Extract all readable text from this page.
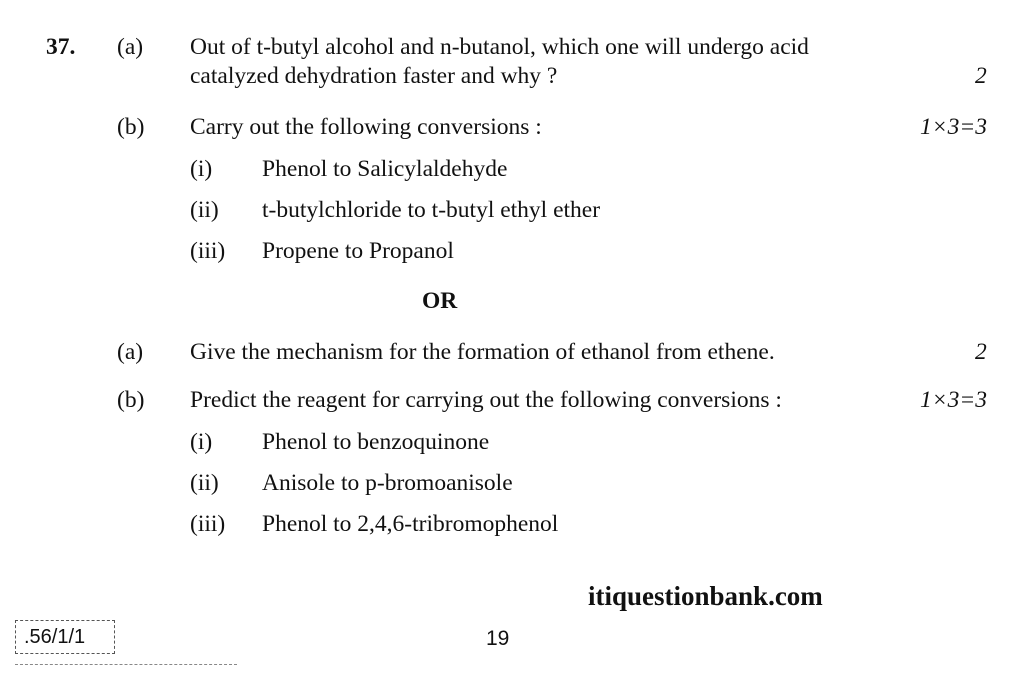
37. (a) Out of t-butyl alcohol and n-butanol, which one will undergo acid
catalyzed dehydration faster and why ?	2
(b) Carry out the following conversions :	1×3=3
(i) Phenol to Salicylaldehyde
(ii) t-butylchloride to t-butyl ethyl ether
(iii) Propene to Propanol
OR
(a) Give the mechanism for the formation of ethanol from ethene.	2
(b) Predict the reagent for carrying out the following conversions :	1×3=3
(i) Phenol to benzoquinone
(ii) Anisole to p-bromoanisole
(iii) Phenol to 2,4,6-tribromophenol
itiquestionbank.com
.56/1/1	19
